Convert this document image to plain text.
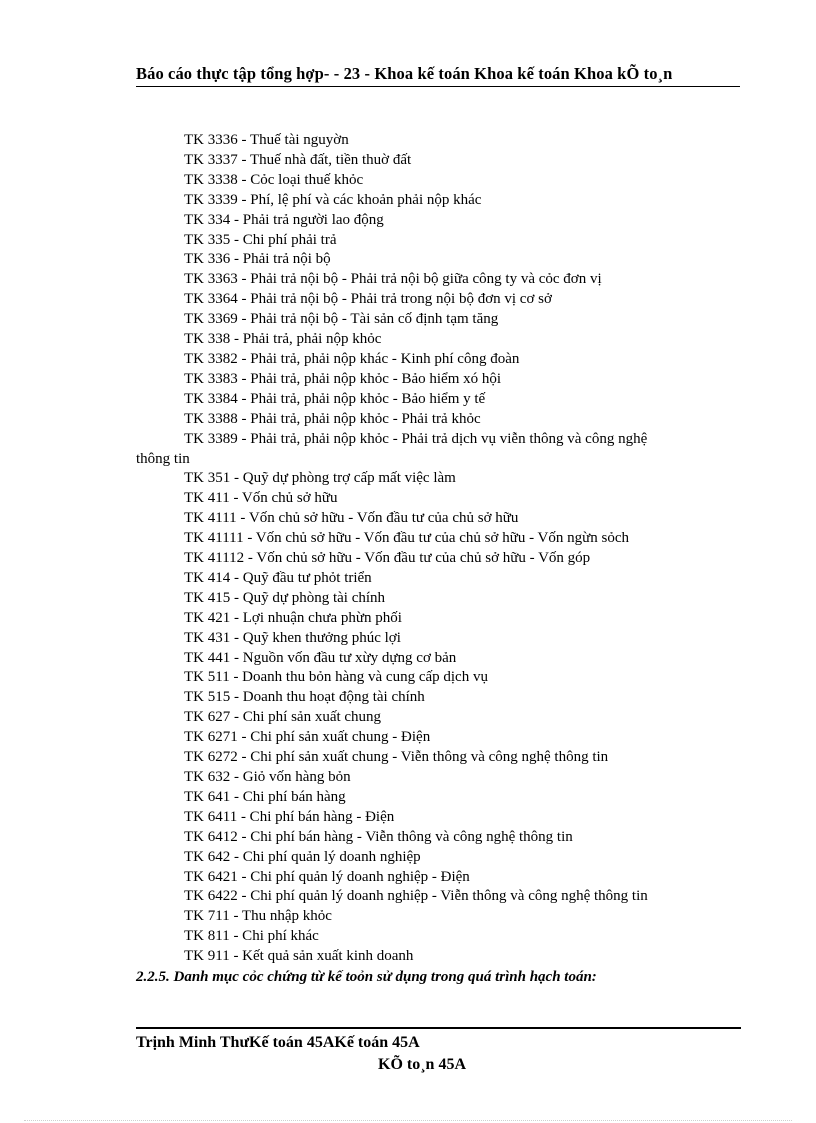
Báo cáo thực tập tổng hợp- - 23 - Khoa kế toán Khoa kế toán Khoa kÕ to¸n
TK 3336 - Thuế tài nguyờn
TK 3337 - Thuế nhà đất, tiền thuờ đất
TK 3338 - Cỏc loại thuế khỏc
TK 3339 - Phí, lệ phí và các khoản phải nộp khác
TK 334 - Phải trả người lao động
TK 335 - Chi phí phải trả
TK 336 - Phải trả nội bộ
TK 3363 - Phải trả nội bộ - Phải trả nội bộ giữa công ty và cỏc đơn vị
TK 3364 - Phải trả nội bộ - Phải trả trong nội bộ đơn vị cơ sở
TK 3369 - Phải trả nội bộ - Tài sản cố định tạm tăng
TK 338 - Phải trả, phải nộp khỏc
TK 3382 - Phải trả, phải nộp khác - Kinh phí công đoàn
TK 3383 - Phải trả, phải nộp khỏc - Bảo hiểm xó hội
TK 3384 - Phải trả, phải nộp khỏc - Bảo hiểm y tế
TK 3388 - Phải trả, phải nộp khỏc - Phải trả khỏc
TK 3389 - Phải trả, phải nộp khỏc - Phải trả dịch vụ viễn thông và công nghệ
thông tin
TK 351 - Quỹ dự phòng trợ cấp mất việc làm
TK 411 - Vốn chủ sở hữu
TK 4111 - Vốn chủ sở hữu - Vốn đầu tư của chủ sở hữu
TK 41111 - Vốn chủ sở hữu - Vốn đầu tư của chủ sở hữu - Vốn ngừn sỏch
TK 41112 - Vốn chủ sở hữu - Vốn đầu tư của chủ sở hữu - Vốn góp
TK 414 - Quỹ đầu tư phỏt triển
TK 415 - Quỹ dự phòng tài chính
TK 421 - Lợi nhuận chưa phừn phối
TK 431 - Quỹ khen thưởng phúc lợi
TK 441 - Nguồn vốn đầu tư xừy dựng cơ bản
TK 511 - Doanh thu bỏn hàng và cung cấp dịch vụ
TK 515 - Doanh thu hoạt động tài chính
TK 627 - Chi phí sản xuất chung
TK 6271 - Chi phí sản xuất chung - Điện
TK 6272 - Chi phí sản xuất chung - Viễn thông và công nghệ thông tin
TK 632 - Giỏ vốn hàng bỏn
TK 641 - Chi phí bán hàng
TK 6411 - Chi phí bán hàng - Điện
TK 6412 - Chi phí bán hàng - Viễn thông và công nghệ thông tin
TK 642 - Chi phí quản lý doanh nghiệp
TK 6421 - Chi phí quản lý doanh nghiệp - Điện
TK 6422 - Chi phí quản lý doanh nghiệp - Viễn thông và công nghệ thông tin
TK 711 - Thu nhập khỏc
TK 811 - Chi phí khác
TK 911 - Kết quả sản xuất kinh doanh
2.2.5. Danh mục cỏc chứng từ kế toỏn sử dụng trong quá trình hạch toán:
Trịnh Minh ThưKế toán 45AKế toán 45A
KÕ to¸n 45A
